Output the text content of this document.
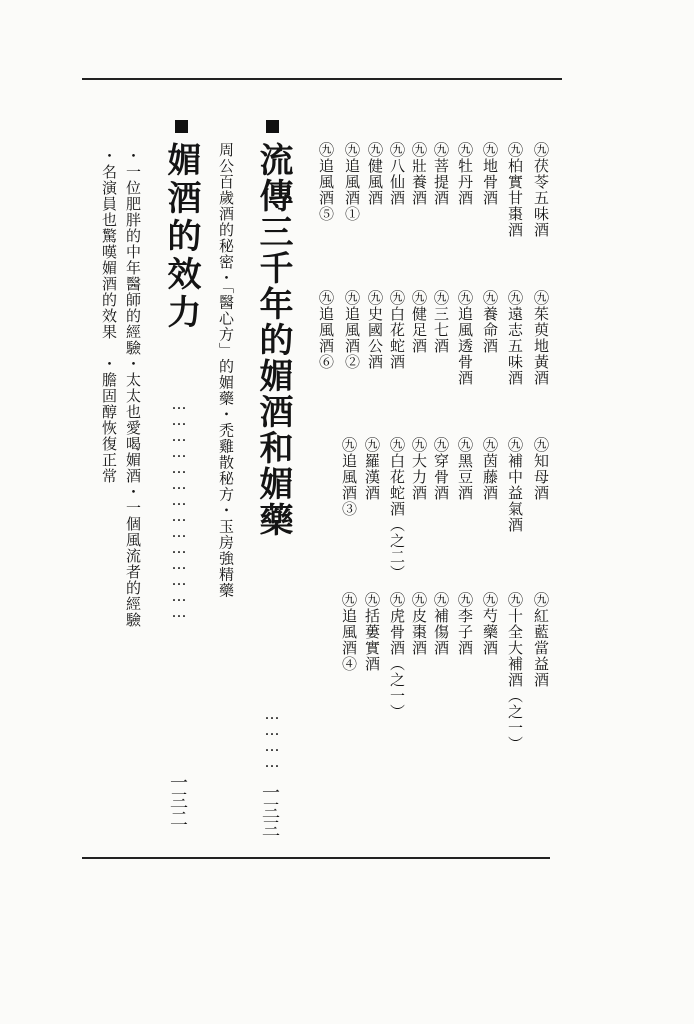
㊈茯苓五味酒
㊈柏實甘棗酒
㊈地骨酒
㊈牡丹酒
㊈菩提酒
㊈壯養酒
㊈八仙酒
㊈健風酒
㊈追風酒①
㊈追風酒⑤
㊈茱萸地黃酒
㊈遠志五味酒
㊈養命酒
㊈追風透骨酒
㊈三七酒
㊈健足酒
㊈白花蛇酒
㊈史國公酒
㊈追風酒②
㊈追風酒⑥
㊈知母酒
㊈補中益氣酒
㊈茵藤酒
㊈黑豆酒
㊈穿骨酒
㊈大力酒
㊈白花蛇酒（之二）
㊈羅漢酒
㊈追風酒③
㊈紅藍當益酒
㊈十全大補酒（之一）
㊈芍藥酒
㊈李子酒
㊈補傷酒
㊈皮棗酒
㊈虎骨酒（之一）
㊈括蔞實酒
㊈追風酒④
流傳三千年的媚酒和媚藥
…………
一三三
周公百歲酒的秘密・「醫心方」的媚藥・禿雞散秘方・玉房強精藥
媚酒的效力
……………………………………
一三二
・一位肥胖的中年醫師的經驗・太太也愛喝媚酒・一個風流者的經驗
・名演員也驚嘆媚酒的效果　・膽固醇恢復正常
